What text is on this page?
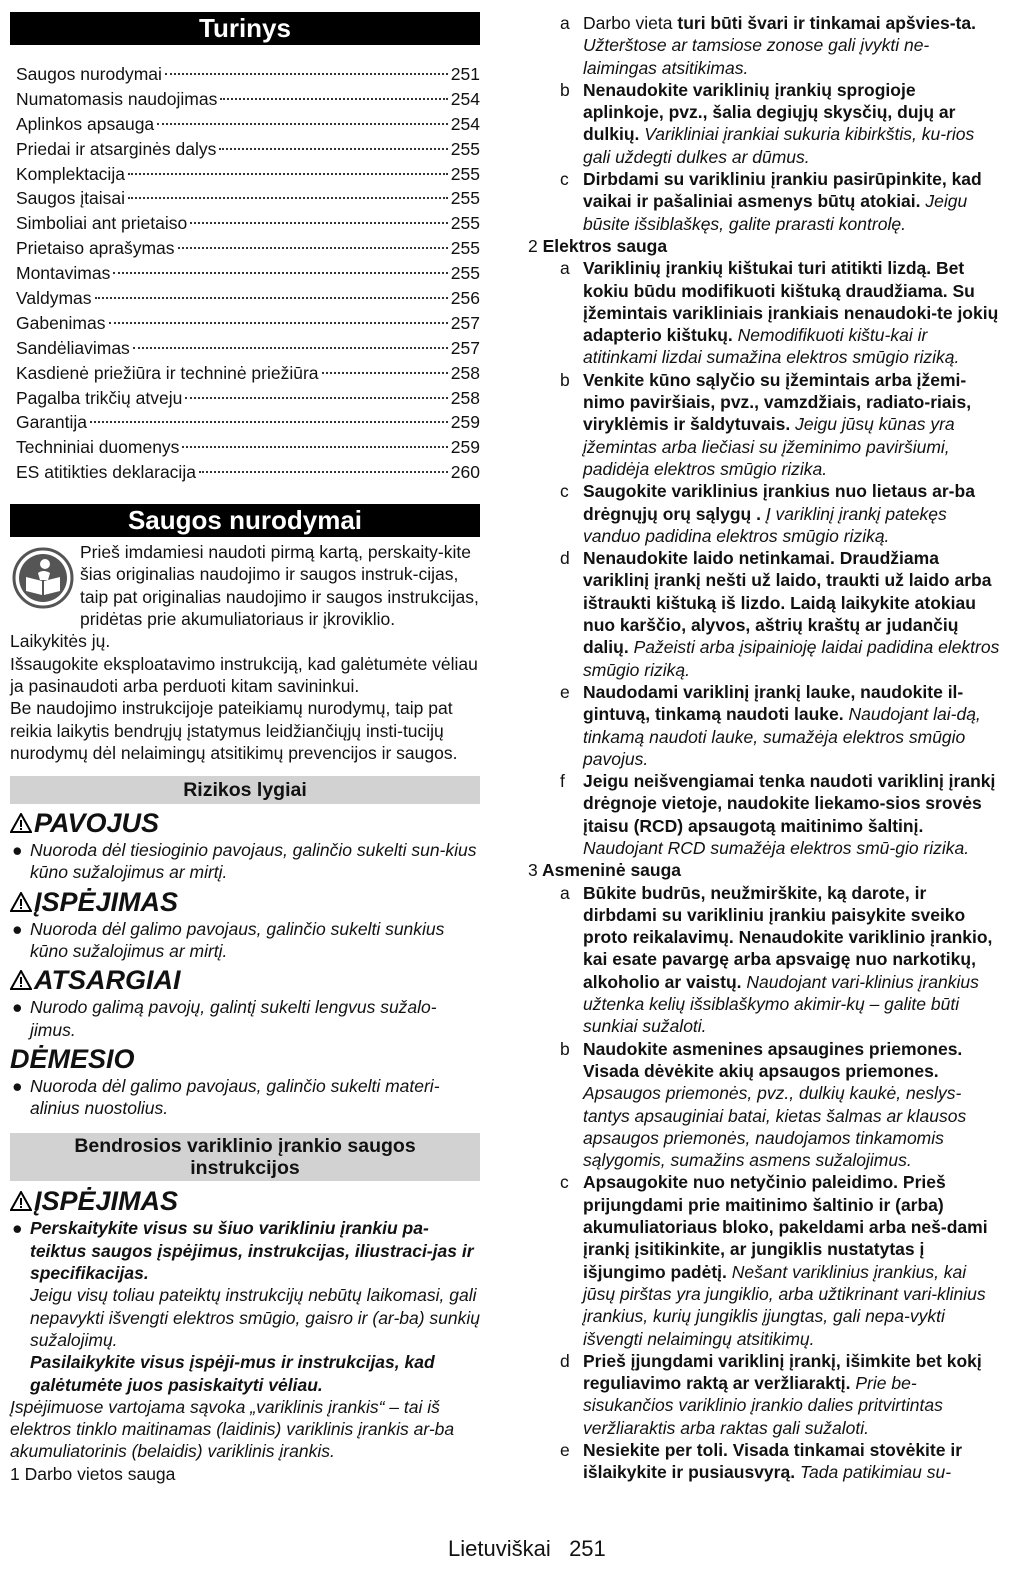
Turinys
Saugos nurodymai	251
Numatomasis naudojimas	254
Aplinkos apsauga	254
Priedai ir atsarginės dalys	255
Komplektacija	255
Saugos įtaisai	255
Simboliai ant prietaiso	255
Prietaiso aprašymas	255
Montavimas	255
Valdymas	256
Gabenimas	257
Sandėliavimas	257
Kasdienė priežiūra ir techninė priežiūra	258
Pagalba trikčių atveju	258
Garantija	259
Techniniai duomenys	259
ES atitikties deklaracija	260
Saugos nurodymai
Prieš imdamiesi naudoti pirmą kartą, perskaity-kite šias originalias naudojimo ir saugos instruk-cijas, taip pat originalias naudojimo ir saugos instrukcijas, pridėtas prie akumuliatoriaus ir įkroviklio.
Laikykitės jų.
Išsaugokite eksploatavimo instrukciją, kad galėtumėte vėliau ja pasinaudoti arba perduoti kitam savininkui.
Be naudojimo instrukcijoje pateikiamų nurodymų, taip pat reikia laikytis bendrųjų įstatymus leidžiančiųjų insti-tucijų nurodymų dėl nelaimingų atsitikimų prevencijos ir saugos.
Rizikos lygiai
PAVOJUS
● Nuoroda dėl tiesioginio pavojaus, galinčio sukelti sun-kius kūno sužalojimus ar mirtį.
ĮSPĖJIMAS
● Nuoroda dėl galimo pavojaus, galinčio sukelti sunkius kūno sužalojimus ar mirtį.
ATSARGIAI
● Nurodo galimą pavojų, galintį sukelti lengvus sužalo-jimus.
DĖMESIO
● Nuoroda dėl galimo pavojaus, galinčio sukelti materi-alinius nuostolius.
Bendrosios variklinio įrankio saugos instrukcijos
ĮSPĖJIMAS
● Perskaitykite visus su šiuo varikliniu įrankiu pa-teiktus saugos įspėjimus, instrukcijas, iliustraci-jas ir specifikacijas.
Jeigu visų toliau pateiktų instrukcijų nebūtų laikomasi, gali nepavykti išvengti elektros smūgio, gaisro ir (ar-ba) sunkių sužalojimų.
Pasilaikykite visus įspėji-mus ir instrukcijas, kad galėtumėte juos pasiskaityti vėliau.
Įspėjimuose vartojama sąvoka „variklinis įrankis“ – tai iš elektros tinklo maitinamas (laidinis) variklinis įrankis ar-ba akumuliatorinis (belaidis) variklinis įrankis.
1 Darbo vietos sauga
a Darbo vieta turi būti švari ir tinkamai apšvies-ta. Užterštose ar tamsiose zonose gali įvykti ne-laimingas atsitikimas.
b Nenaudokite variklinių įrankių sprogioje aplinkoje, pvz., šalia degiųjų skysčių, dujų ar dulkių. Varikliniai įrankiai sukuria kibirkštis, ku-rios gali uždegti dulkes ar dūmus.
c Dirbdami su varikliniu įrankiu pasirūpinkite, kad vaikai ir pašaliniai asmenys būtų atokiai. Jeigu būsite išsiblaškęs, galite prarasti kontrolę.
2 Elektros sauga
a Variklinių įrankių kištukai turi atitikti lizdą. Bet kokiu būdu modifikuoti kištuką draudžiama. Su įžemintais varikliniais įrankiais nenaudoki-te jokių adapterio kištukų. Nemodifikuoti kištu-kai ir atitinkami lizdai sumažina elektros smūgio riziką.
b Venkite kūno sąlyčio su įžemintais arba įžemi-nimo paviršiais, pvz., vamzdžiais, radiato-riais, viryklėmis ir šaldytuvais. Jeigu jūsų kūnas yra įžemintas arba liečiasi su įžeminimo paviršiumi, padidėja elektros smūgio rizika.
c Saugokite variklinius įrankius nuo lietaus ar-ba drėgnųjų orų sąlygų . Į variklinį įrankį patekęs vanduo padidina elektros smūgio riziką.
d Nenaudokite laido netinkamai. Draudžiama variklinį įrankį nešti už laido, traukti už laido arba ištraukti kištuką iš lizdo. Laidą laikykite atokiau nuo karščio, alyvos, aštrių kraštų ar judančių dalių. Pažeisti arba įsipainioję laidai padidina elektros smūgio riziką.
e Naudodami variklinį įrankį lauke, naudokite il-gintuvą, tinkamą naudoti lauke. Naudojant lai-dą, tinkamą naudoti lauke, sumažėja elektros smūgio pavojus.
f Jeigu neišvengiamai tenka naudoti variklinį įrankį drėgnoje vietoje, naudokite liekamo-sios srovės įtaisu (RCD) apsaugotą maitinimo šaltinį. Naudojant RCD sumažėja elektros smū-gio rizika.
3 Asmeninė sauga
a Būkite budrūs, neužmirškite, ką darote, ir dirbdami su varikliniu įrankiu paisykite sveiko proto reikalavimų. Nenaudokite variklinio įrankio, kai esate pavargę arba apsvaigę nuo narkotikų, alkoholio ar vaistų. Naudojant vari-klinius įrankius užtenka kelių išsiblaškymo akimir-kų – galite būti sunkiai sužaloti.
b Naudokite asmenines apsaugines priemones. Visada dėvėkite akių apsaugos priemones. Apsaugos priemonės, pvz., dulkių kaukė, neslys-tantys apsauginiai batai, kietas šalmas ar klausos apsaugos priemonės, naudojamos tinkamomis sąlygomis, sumažins asmens sužalojimus.
c Apsaugokite nuo netyčinio paleidimo. Prieš prijungdami prie maitinimo šaltinio ir (arba) akumuliatoriaus bloko, pakeldami arba neš-dami įrankį įsitikinkite, ar jungiklis nustatytas į išjungimo padėtį. Nešant variklinius įrankius, kai jūsų pirštas yra jungiklio, arba užtikrinant vari-klinius įrankius, kurių jungiklis įjungtas, gali nepa-vykti išvengti nelaimingų atsitikimų.
d Prieš įjungdami variklinį įrankį, išimkite bet kokį reguliavimo raktą ar veržliaraktį. Prie be-sisukančios variklinio įrankio dalies pritvirtintas veržliaraktis arba raktas gali sužaloti.
e Nesiekite per toli. Visada tinkamai stovėkite ir išlaikykite ir pusiausvyrą. Tada patikimiau su-
Lietuviškai 251
